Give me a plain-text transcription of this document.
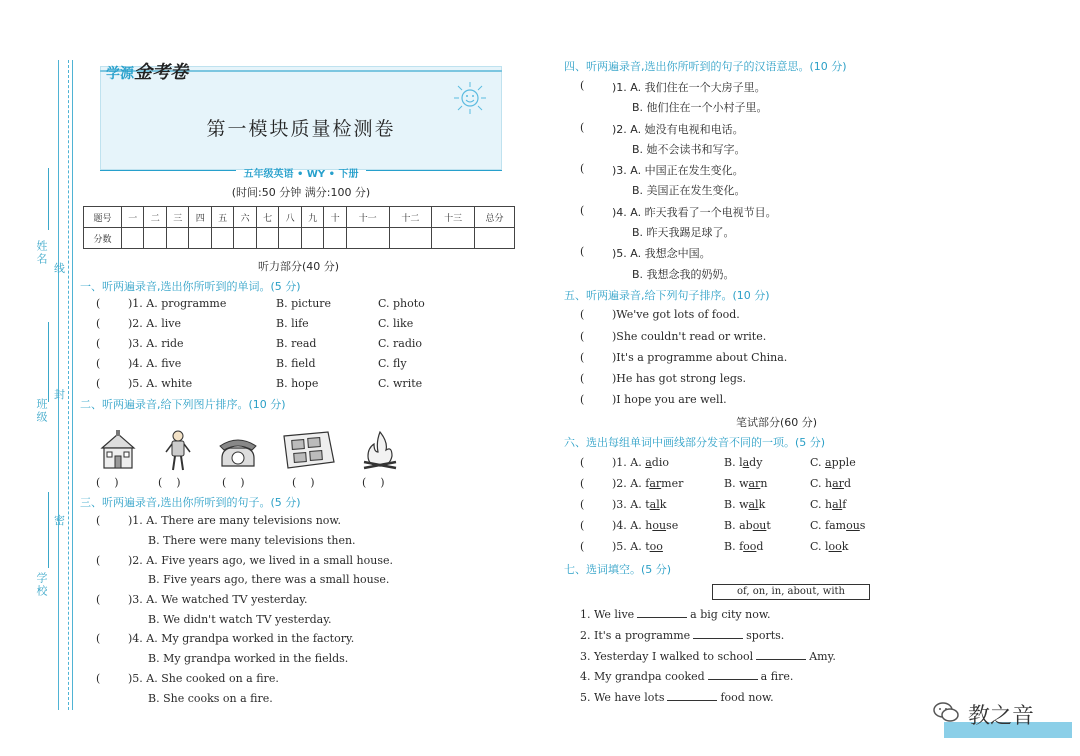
姓名
线
班级
封
学校
密
学源金考卷
第一模块质量检测卷
五年级英语 • WY • 下册
(时间:50 分钟 满分:100 分)
题号	一	二	三	四	五	六	七	八	九	十	十一	十二	十三	总分
分数														
听力部分(40 分)
一、听两遍录音,选出你所听到的单词。(5 分)
(	)1. A. programme	B. picture	C. photo
(	)2. A. live	B. life	C. like
(	)3. A. ride	B. read	C. radio
(	)4. A. five	B. field	C. fly
(	)5. A. white	B. hope	C. write
二、听两遍录音,给下列图片排序。(10 分)
(    )	(    )	(    )	(    )	(    )
三、听两遍录音,选出你所听到的句子。(5 分)
(	)1. A. There are many televisions now.
B. There were many televisions then.
(	)2. A. Five years ago, we lived in a small house.
B. Five years ago, there was a small house.
(	)3. A. We watched TV yesterday.
B. We didn't watch TV yesterday.
(	)4. A. My grandpa worked in the factory.
B. My grandpa worked in the fields.
(	)5. A. She cooked on a fire.
B. She cooks on a fire.
四、听两遍录音,选出你所听到的句子的汉语意思。(10 分)
(	)1. A. 我们住在一个大房子里。
B. 他们住在一个小村子里。
(	)2. A. 她没有电视和电话。
B. 她不会读书和写字。
(	)3. A. 中国正在发生变化。
B. 美国正在发生变化。
(	)4. A. 昨天我看了一个电视节目。
B. 昨天我踢足球了。
(	)5. A. 我想念中国。
B. 我想念我的奶奶。
五、听两遍录音,给下列句子排序。(10 分)
(	)We've got lots of food.
(	)She couldn't read or write.
(	)It's a programme about China.
(	)He has got strong legs.
(	)I hope you are well.
笔试部分(60 分)
六、选出每组单词中画线部分发音不同的一项。(5 分)
(	)1. A. adio	B. lady	C. apple
(	)2. A. farmer	B. warn	C. hard
(	)3. A. talk	B. walk	C. half
(	)4. A. house	B. about	C. famous
(	)5. A. too	B. food	C. look
七、选词填空。(5 分)
of, on, in, about, with
1. We live	a big city now.
2. It's a programme	sports.
3. Yesterday I walked to school	Amy.
4. My grandpa cooked	a fire.
5. We have lots	food now.
教之音
